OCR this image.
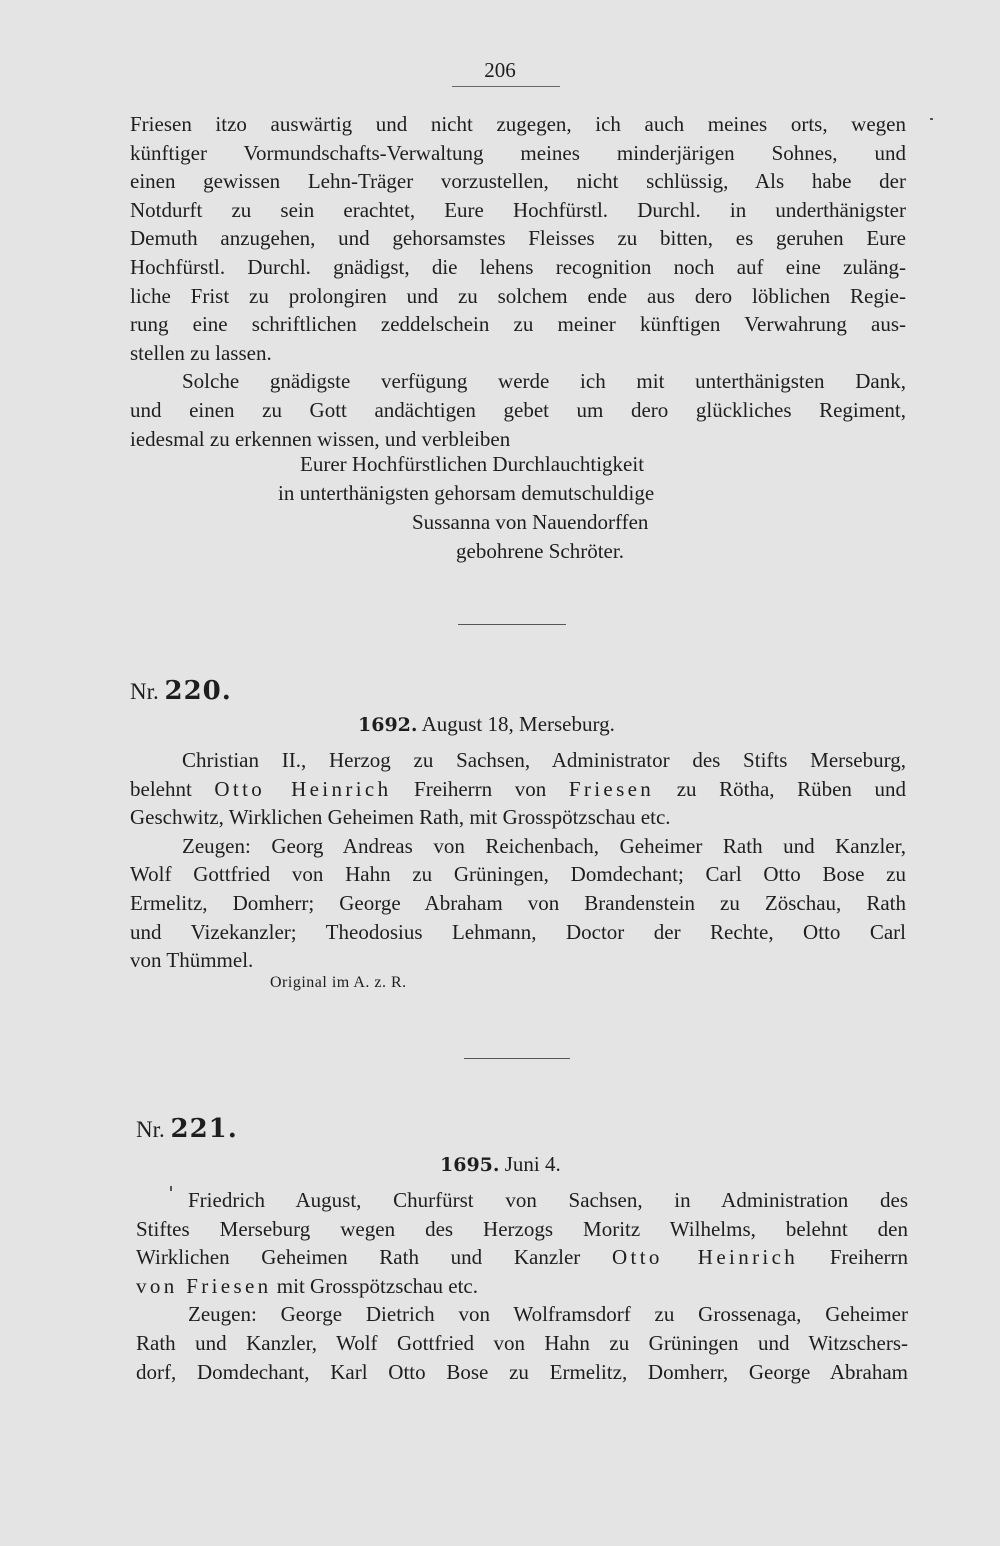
206
Friesen itzo auswärtig und nicht zugegen, ich auch meines orts, wegen
künftiger Vormundschafts-Verwaltung meines minderjärigen Sohnes, und
einen gewissen Lehn-Träger vorzustellen, nicht schlüssig, Als habe der
Notdurft zu sein erachtet, Eure Hochfürstl. Durchl. in underthänigster
Demuth anzugehen, und gehorsamstes Fleisses zu bitten, es geruhen Eure
Hochfürstl. Durchl. gnädigst, die lehens recognition noch auf eine zuläng-
liche Frist zu prolongiren und zu solchem ende aus dero löblichen Regie-
rung eine schriftlichen zeddelschein zu meiner künftigen Verwahrung aus-
stellen zu lassen.
Solche gnädigste verfügung werde ich mit unterthänigsten Dank,
und einen zu Gott andächtigen gebet um dero glückliches Regiment,
iedesmal zu erkennen wissen, und verbleiben
Eurer Hochfürstlichen Durchlauchtigkeit
in unterthänigsten gehorsam demutschuldige
Sussanna von Nauendorffen
gebohrene Schröter.
Nr. 220.
1692. August 18, Merseburg.
Christian II., Herzog zu Sachsen, Administrator des Stifts Merseburg,
belehnt Otto Heinrich Freiherrn von Friesen zu Rötha, Rüben und
Geschwitz, Wirklichen Geheimen Rath, mit Grosspötzschau etc.
Zeugen: Georg Andreas von Reichenbach, Geheimer Rath und Kanzler,
Wolf Gottfried von Hahn zu Grüningen, Domdechant; Carl Otto Bose zu
Ermelitz, Domherr; George Abraham von Brandenstein zu Zöschau, Rath
und Vizekanzler; Theodosius Lehmann, Doctor der Rechte, Otto Carl
von Thümmel.
Original im A. z. R.
Nr. 221.
1695. Juni 4.
Friedrich August, Churfürst von Sachsen, in Administration des
Stiftes Merseburg wegen des Herzogs Moritz Wilhelms, belehnt den
Wirklichen Geheimen Rath und Kanzler Otto Heinrich Freiherrn
von Friesen mit Grosspötzschau etc.
Zeugen: George Dietrich von Wolframsdorf zu Grossenaga, Geheimer
Rath und Kanzler, Wolf Gottfried von Hahn zu Grüningen und Witzschers-
dorf, Domdechant, Karl Otto Bose zu Ermelitz, Domherr, George Abraham
